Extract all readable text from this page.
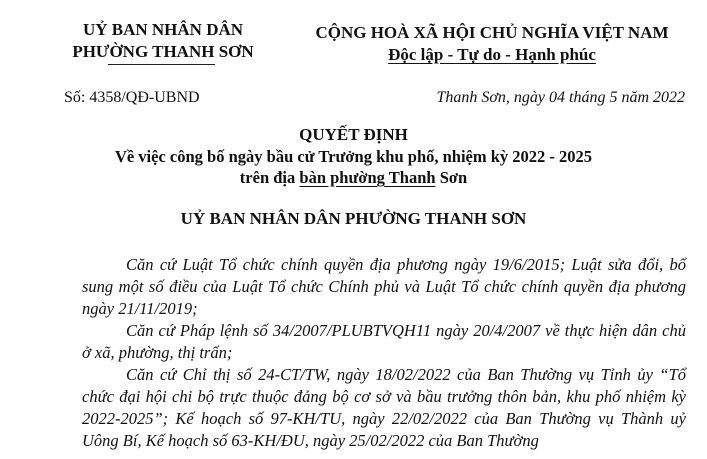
UỶ BAN NHÂN DÂN
PHƯỜNG THANH SƠN
CỘNG HOÀ XÃ HỘI CHỦ NGHĨA VIỆT NAM
Độc lập - Tự do - Hạnh phúc
Số: 4358/QĐ-UBND	Thanh Sơn, ngày 04 tháng 5 năm 2022
QUYẾT ĐỊNH
Về việc công bố ngày bầu cử Trưởng khu phố, nhiệm kỳ 2022 - 2025
trên địa bàn phường Thanh Sơn
UỶ BAN NHÂN DÂN PHƯỜNG THANH SƠN

Căn cứ Luật Tổ chức chính quyền địa phương ngày 19/6/2015; Luật sửa đổi, bổ sung một số điều của Luật Tổ chức Chính phủ và Luật Tổ chức chính quyền địa phương ngày 21/11/2019;

Căn cứ Pháp lệnh số 34/2007/PLUBTVQH11 ngày 20/4/2007 về thực hiện dân chủ ở xã, phường, thị trấn;

Căn cứ Chỉ thị số 24-CT/TW, ngày 18/02/2022 của Ban Thường vụ Tỉnh ủy “Tổ chức đại hội chi bộ trực thuộc đảng bộ cơ sở và bầu trưởng thôn bản, khu phố nhiệm kỳ 2022-2025”; Kế hoạch số 97-KH/TU, ngày 22/02/2022 của Ban Thường vụ Thành uỷ Uông Bí, Kế hoạch số 63-KH/ĐU, ngày 25/02/2022 của Ban Thường
